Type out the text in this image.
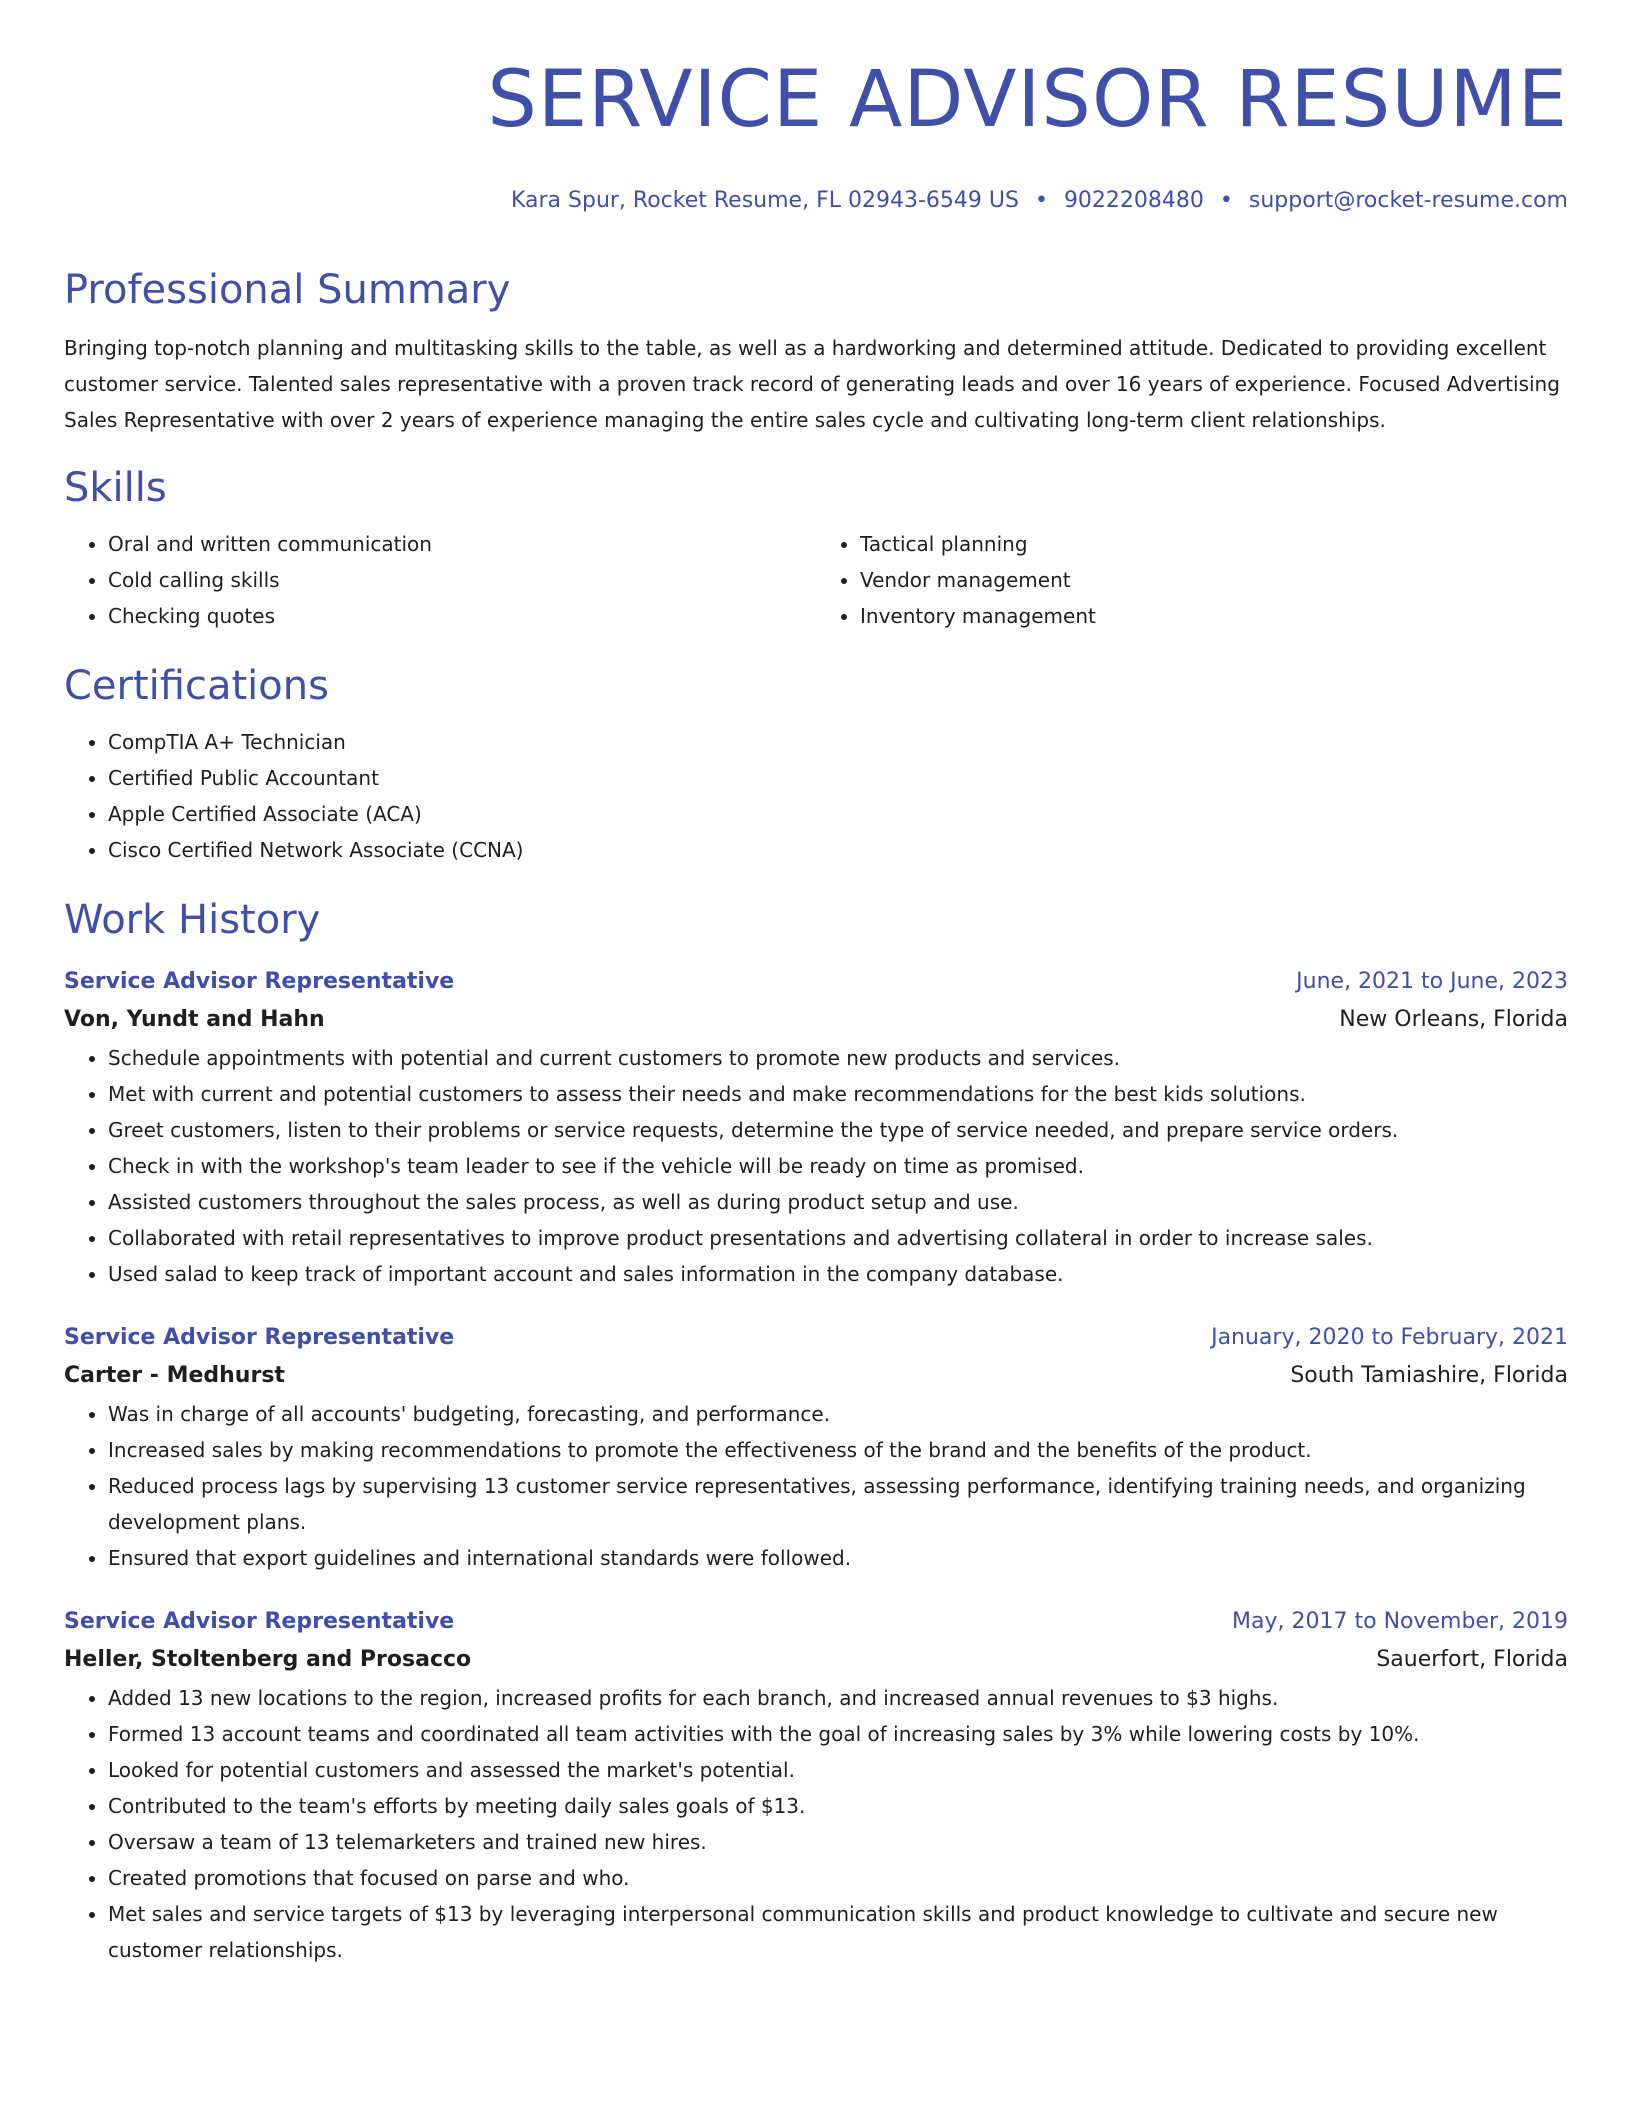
SERVICE ADVISOR RESUME
Kara Spur, Rocket Resume, FL 02943-6549 US • 9022208480 • support@rocket-resume.com
Professional Summary
Bringing top-notch planning and multitasking skills to the table, as well as a hardworking and determined attitude. Dedicated to providing excellent customer service. Talented sales representative with a proven track record of generating leads and over 16 years of experience. Focused Advertising Sales Representative with over 2 years of experience managing the entire sales cycle and cultivating long-term client relationships.
Skills
• Oral and written communication
• Cold calling skills
• Checking quotes
• Tactical planning
• Vendor management
• Inventory management
Certifications
• CompTIA A+ Technician
• Certified Public Accountant
• Apple Certified Associate (ACA)
• Cisco Certified Network Associate (CCNA)
Work History
Service Advisor Representative	June, 2021 to June, 2023
Von, Yundt and Hahn	New Orleans, Florida
• Schedule appointments with potential and current customers to promote new products and services.
• Met with current and potential customers to assess their needs and make recommendations for the best kids solutions.
• Greet customers, listen to their problems or service requests, determine the type of service needed, and prepare service orders.
• Check in with the workshop's team leader to see if the vehicle will be ready on time as promised.
• Assisted customers throughout the sales process, as well as during product setup and use.
• Collaborated with retail representatives to improve product presentations and advertising collateral in order to increase sales.
• Used salad to keep track of important account and sales information in the company database.
Service Advisor Representative	January, 2020 to February, 2021
Carter - Medhurst	South Tamiashire, Florida
• Was in charge of all accounts' budgeting, forecasting, and performance.
• Increased sales by making recommendations to promote the effectiveness of the brand and the benefits of the product.
• Reduced process lags by supervising 13 customer service representatives, assessing performance, identifying training needs, and organizing development plans.
• Ensured that export guidelines and international standards were followed.
Service Advisor Representative	May, 2017 to November, 2019
Heller, Stoltenberg and Prosacco	Sauerfort, Florida
• Added 13 new locations to the region, increased profits for each branch, and increased annual revenues to $3 highs.
• Formed 13 account teams and coordinated all team activities with the goal of increasing sales by 3% while lowering costs by 10%.
• Looked for potential customers and assessed the market's potential.
• Contributed to the team's efforts by meeting daily sales goals of $13.
• Oversaw a team of 13 telemarketers and trained new hires.
• Created promotions that focused on parse and who.
• Met sales and service targets of $13 by leveraging interpersonal communication skills and product knowledge to cultivate and secure new customer relationships.
